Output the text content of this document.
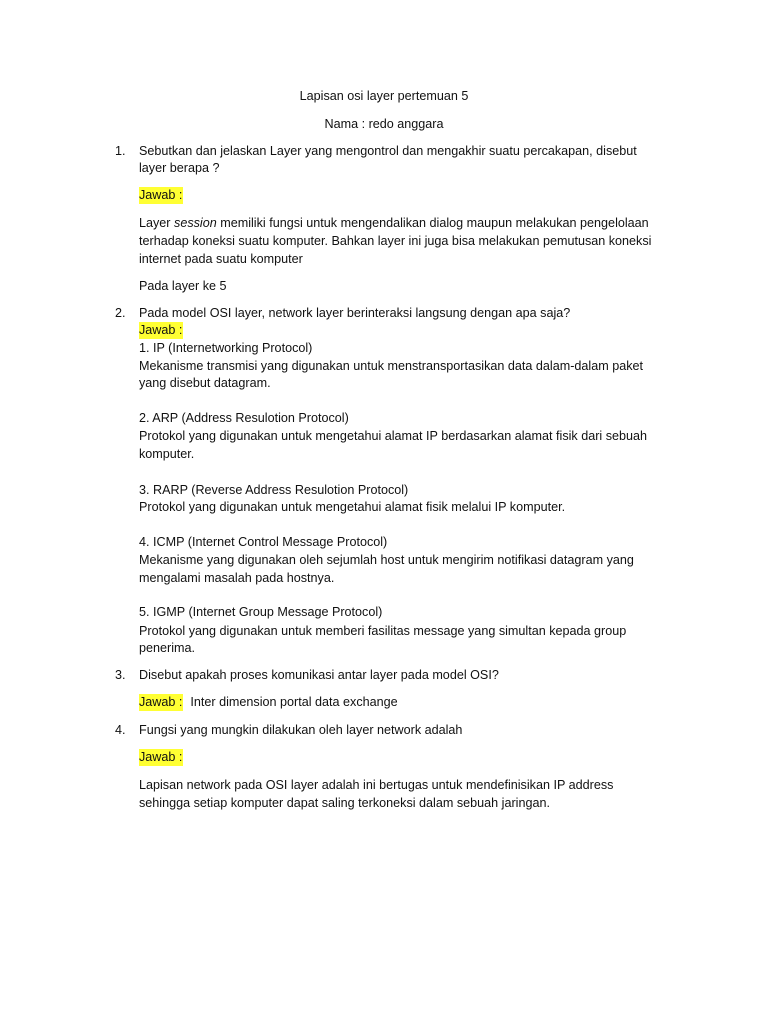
Lapisan osi layer pertemuan 5
Nama : redo anggara
1. Sebutkan dan jelaskan Layer yang mengontrol dan mengakhir suatu percakapan, disebut
layer berapa ?
Jawab :
Layer session memiliki fungsi untuk mengendalikan dialog maupun melakukan pengelolaan
terhadap koneksi suatu komputer. Bahkan layer ini juga bisa melakukan pemutusan koneksi
internet pada suatu komputer
Pada layer ke 5
2. Pada model OSI layer, network layer berinteraksi langsung dengan apa saja?
Jawab :
1. IP (Internetworking Protocol)
Mekanisme transmisi yang digunakan untuk menstransportasikan data dalam-dalam paket
yang disebut datagram.
2. ARP (Address Resulotion Protocol)
Protokol yang digunakan untuk mengetahui alamat IP berdasarkan alamat fisik dari sebuah
komputer.
3. RARP (Reverse Address Resulotion Protocol)
Protokol yang digunakan untuk mengetahui alamat fisik melalui IP komputer.
4. ICMP (Internet Control Message Protocol)
Mekanisme yang digunakan oleh sejumlah host untuk mengirim notifikasi datagram yang
mengalami masalah pada hostnya.
5. IGMP (Internet Group Message Protocol)
Protokol yang digunakan untuk memberi fasilitas message yang simultan kepada group
penerima.
3. Disebut apakah proses komunikasi antar layer pada model OSI?
Jawab : Inter dimension portal data exchange
4. Fungsi yang mungkin dilakukan oleh layer network adalah
Jawab :
Lapisan network pada OSI layer adalah ini bertugas untuk mendefinisikan IP address
sehingga setiap komputer dapat saling terkoneksi dalam sebuah jaringan.
